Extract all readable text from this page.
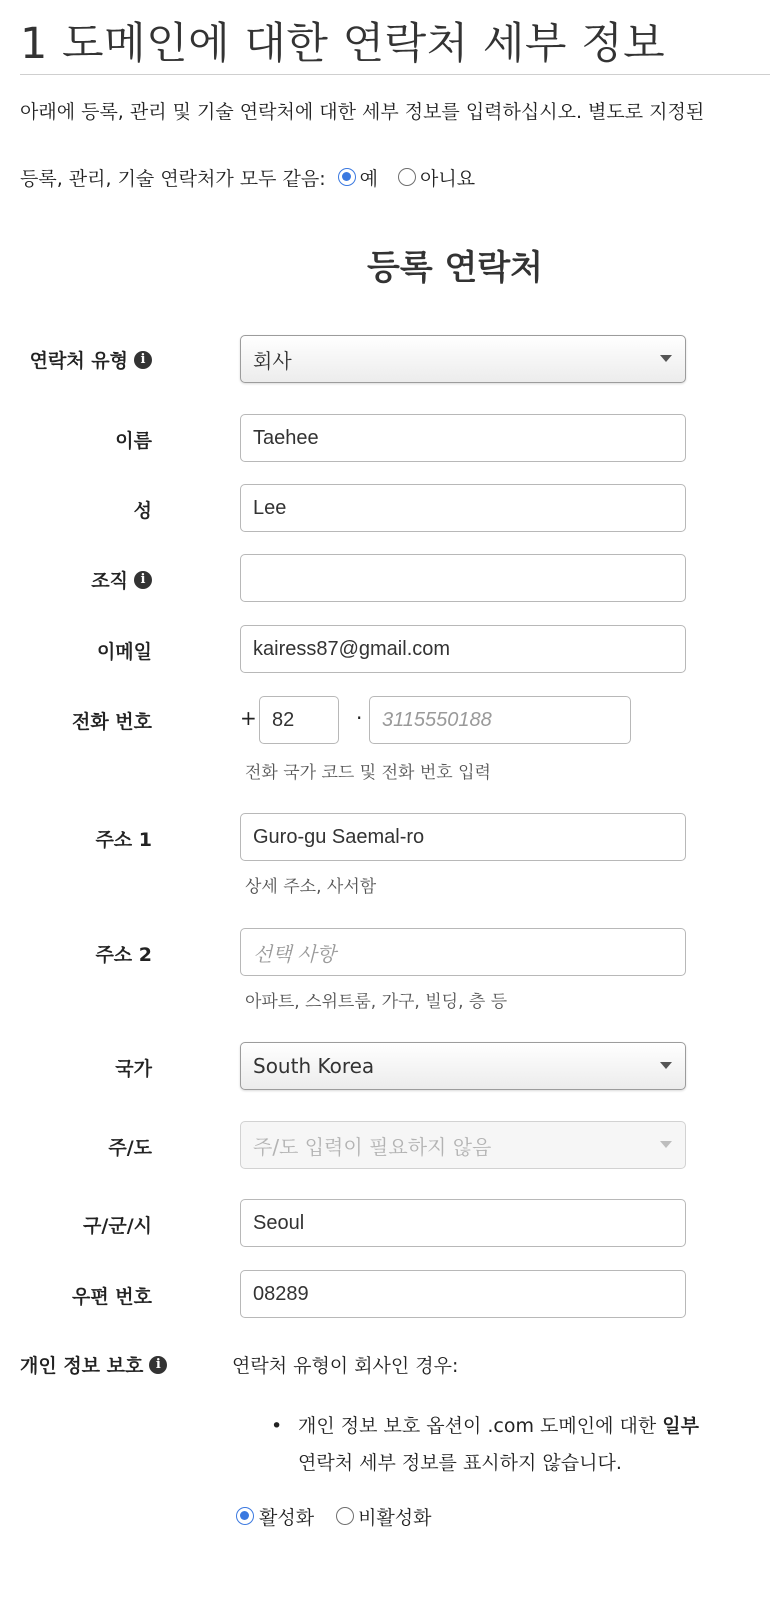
1 도메인에 대한 연락처 세부 정보
아래에 등록, 관리 및 기술 연락처에 대한 세부 정보를 입력하십시오. 별도로 지정된
등록, 관리, 기술 연락처가 모두 같음: 예 아니요
등록 연락처
연락처 유형 i	회사
이름	Taehee
성	Lee
조직 i
이메일	kairess87@gmail.com
전화 번호	+ 82	· 3115550188
전화 국가 코드 및 전화 번호 입력
주소 1	Guro-gu Saemal-ro
상세 주소, 사서함
주소 2	선택 사항
아파트, 스위트룸, 가구, 빌딩, 층 등
국가	South Korea
주/도	주/도 입력이 필요하지 않음
구/군/시	Seoul
우편 번호	08289
개인 정보 보호 i	연락처 유형이 회사인 경우:
• 개인 정보 보호 옵션이 .com 도메인에 대한 일부 연락처 세부 정보를 표시하지 않습니다.
활성화 비활성화
